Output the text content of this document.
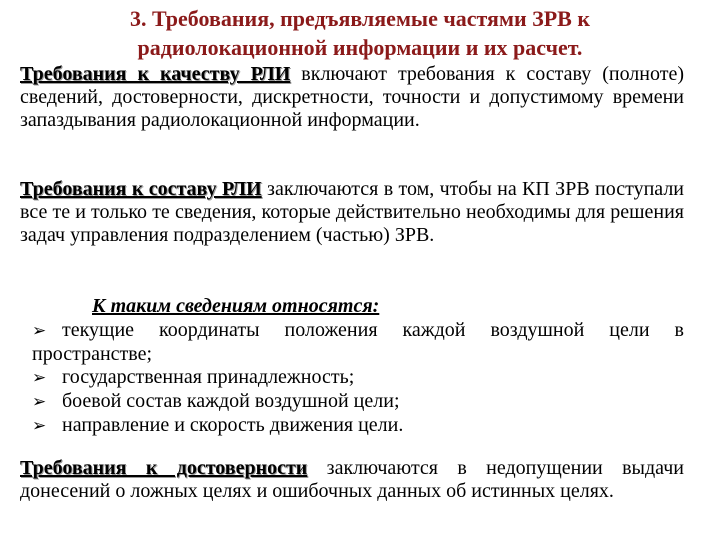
3. Требования, предъявляемые частями ЗРВ к
радиолокационной информации и их расчет.
Требования к качеству РЛИ включают требования к составу (полноте) сведений, достоверности, дискретности, точности и допустимому времени запаздывания радиолокационной информации.
Требования к составу РЛИ заключаются в том, чтобы на КП ЗРВ поступали все те и только те сведения, которые действительно необходимы для решения задач управления подразделением (частью) ЗРВ.
К таким сведениям относятся:
➢ текущие координаты положения каждой воздушной цели в пространстве;
➢ государственная принадлежность;
➢ боевой состав каждой воздушной цели;
➢ направление и скорость движения цели.
Требования к достоверности заключаются в недопущении выдачи донесений о ложных целях и ошибочных данных об истинных целях.
